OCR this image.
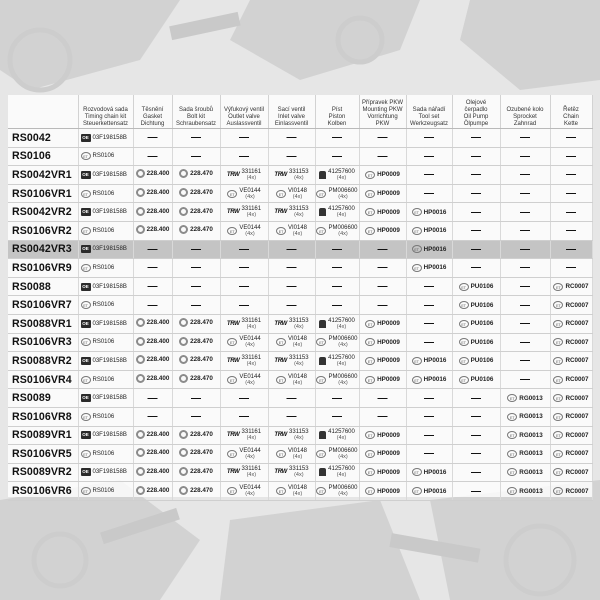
	Rozvodová sada
Timing chain kit
Steuerkettensatz	Těsnění
Gasket
Dichtung	Sada šroubů
Bolt kit
Schraubensatz	Výfukový ventil
Outlet valve
Auslassventil	Sací ventil
Inlet valve
Einlassventil	Píst
Piston
Kolben	Přípravek PKW
Mounting PKW
Vorrichtung PKW	Sada nářadí
Tool set
Werkzeugsatz	Olejové čerpadlo
Oil Pump
Ölpumpe	Ozubené kolo
Sprocket
Zahnrad	Řetěz
Chain
Kette

RS0042	OE 03F198158B	—	—	—	—	—	—	—	—	—	—
RS0106	ET RS0106	—	—	—	—	—	—	—	—	—	—
RS0042VR1	OE 03F198158B	228.400	228.470	TRW 331161
(4x)	TRW 331153
(4x)	41257600
(4x)	ET HP0009	—	—	—	—
RS0106VR1	ET RS0106	228.400	228.470	ET
VE0144
(4x)	ET
VI0148
(4x)	ET
PM006600
(4x)	ET HP0009	—	—	—	—
RS0042VR2	OE 03F198158B	228.400	228.470	TRW 331161
(4x)	TRW 331153
(4x)	41257600
(4x)	ET HP0009	ET HP0016	—	—	—
RS0106VR2	ET RS0106	228.400	228.470	ET
VE0144
(4x)	ET
VI0148
(4x)	ET
PM006600
(4x)	ET HP0009	ET HP0016	—	—	—
RS0042VR3	OE 03F198158B	—	—	—	—	—	—	ET HP0016	—	—	—
RS0106VR9	ET RS0106	—	—	—	—	—	—	ET HP0016	—	—	—
RS0088	OE 03F198158B	—	—	—	—	—	—	—	ET PU0106	—	ET RC0007

RS0106VR7	ET RS0106	—	—	—	—	—	—	—	ET PU0106	—	ET RC0007

RS0088VR1	OE 03F198158B	228.400	228.470	TRW 331161
(4x)	TRW 331153
(4x)	41257600
(4x)	ET HP0009	—	ET PU0106	—	ET RC0007

RS0106VR3	ET RS0106	228.400	228.470	ET
VE0144
(4x)	ET
VI0148
(4x)	ET
PM006600
(4x)	ET HP0009	—	ET PU0106	—	ET RC0007

RS0088VR2	OE 03F198158B	228.400	228.470	TRW 331161
(4x)	TRW 331153
(4x)	41257600
(4x)	ET HP0009	ET HP0016	ET PU0106	—	ET RC0007

RS0106VR4	ET RS0106	228.400	228.470	ET
VE0144
(4x)	ET
VI0148
(4x)	ET
PM006600
(4x)	ET HP0009	ET HP0016	ET PU0106	—	ET RC0007

RS0089	OE 03F198158B	—	—	—	—	—	—	—	—	ET RG0013	ET RC0007

RS0106VR8	ET RS0106	—	—	—	—	—	—	—	—	ET RG0013	ET RC0007

RS0089VR1	OE 03F198158B	228.400	228.470	TRW 331161
(4x)	TRW 331153
(4x)	41257600
(4x)	ET HP0009	—	—	ET RG0013	ET RC0007

RS0106VR5	ET RS0106	228.400	228.470	ET
VE0144
(4x)	ET
VI0148
(4x)	ET
PM006600
(4x)	ET HP0009	—	—	ET RG0013	ET RC0007

RS0089VR2	OE 03F198158B	228.400	228.470	TRW 331161
(4x)	TRW 331153
(4x)	41257600
(4x)	ET HP0009	ET HP0016	—	ET RG0013	ET RC0007

RS0106VR6	ET RS0106	228.400	228.470	ET
VE0144
(4x)	ET
VI0148
(4x)	ET
PM006600
(4x)	ET HP0009	ET HP0016	—	ET RG0013	ET RC0007
